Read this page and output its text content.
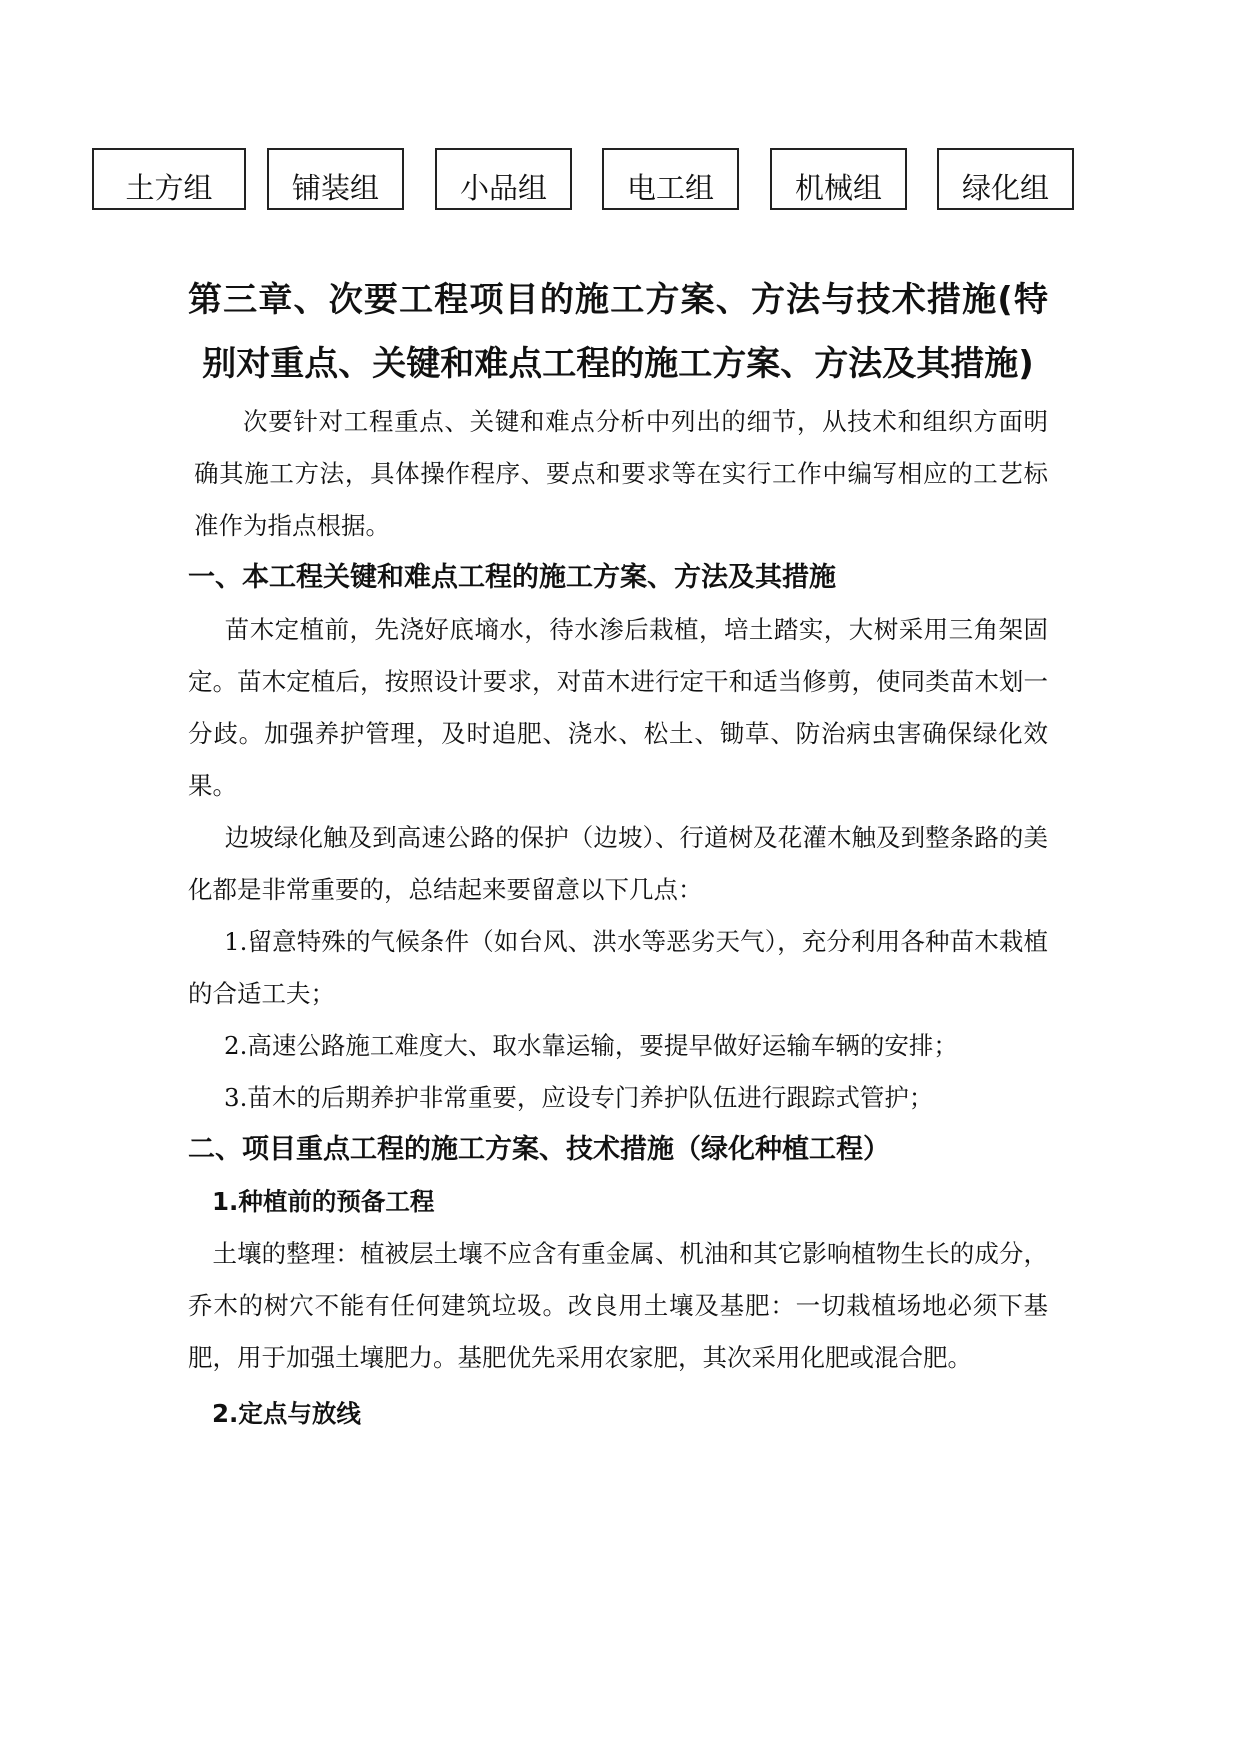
土方组	铺装组	小品组	电工组	机械组	绿化组
第三章、次要工程项目的施工方案、方法与技术措施(特别对重点、关键和难点工程的施工方案、方法及其措施)

次要针对工程重点、关键和难点分析中列出的细节，从技术和组织方面明确其施工方法，具体操作程序、要点和要求等在实行工作中编写相应的工艺标准作为指点根据。

一、本工程关键和难点工程的施工方案、方法及其措施

苗木定植前，先浇好底墒水，待水渗后栽植，培土踏实，大树采用三角架固定。苗木定植后，按照设计要求，对苗木进行定干和适当修剪，使同类苗木划一分歧。加强养护管理，及时追肥、浇水、松土、锄草、防治病虫害确保绿化效果。

边坡绿化触及到高速公路的保护（边坡）、行道树及花灌木触及到整条路的美化都是非常重要的，总结起来要留意以下几点：

1.留意特殊的气候条件（如台风、洪水等恶劣天气），充分利用各种苗木栽植的合适工夫；

2.高速公路施工难度大、取水靠运输，要提早做好运输车辆的安排；

3.苗木的后期养护非常重要，应设专门养护队伍进行跟踪式管护；

二、项目重点工程的施工方案、技术措施（绿化种植工程）
1.种植前的预备工程

土壤的整理：植被层土壤不应含有重金属、机油和其它影响植物生长的成分，乔木的树穴不能有任何建筑垃圾。改良用土壤及基肥：一切栽植场地必须下基肥，用于加强土壤肥力。基肥优先采用农家肥，其次采用化肥或混合肥。

2.定点与放线
